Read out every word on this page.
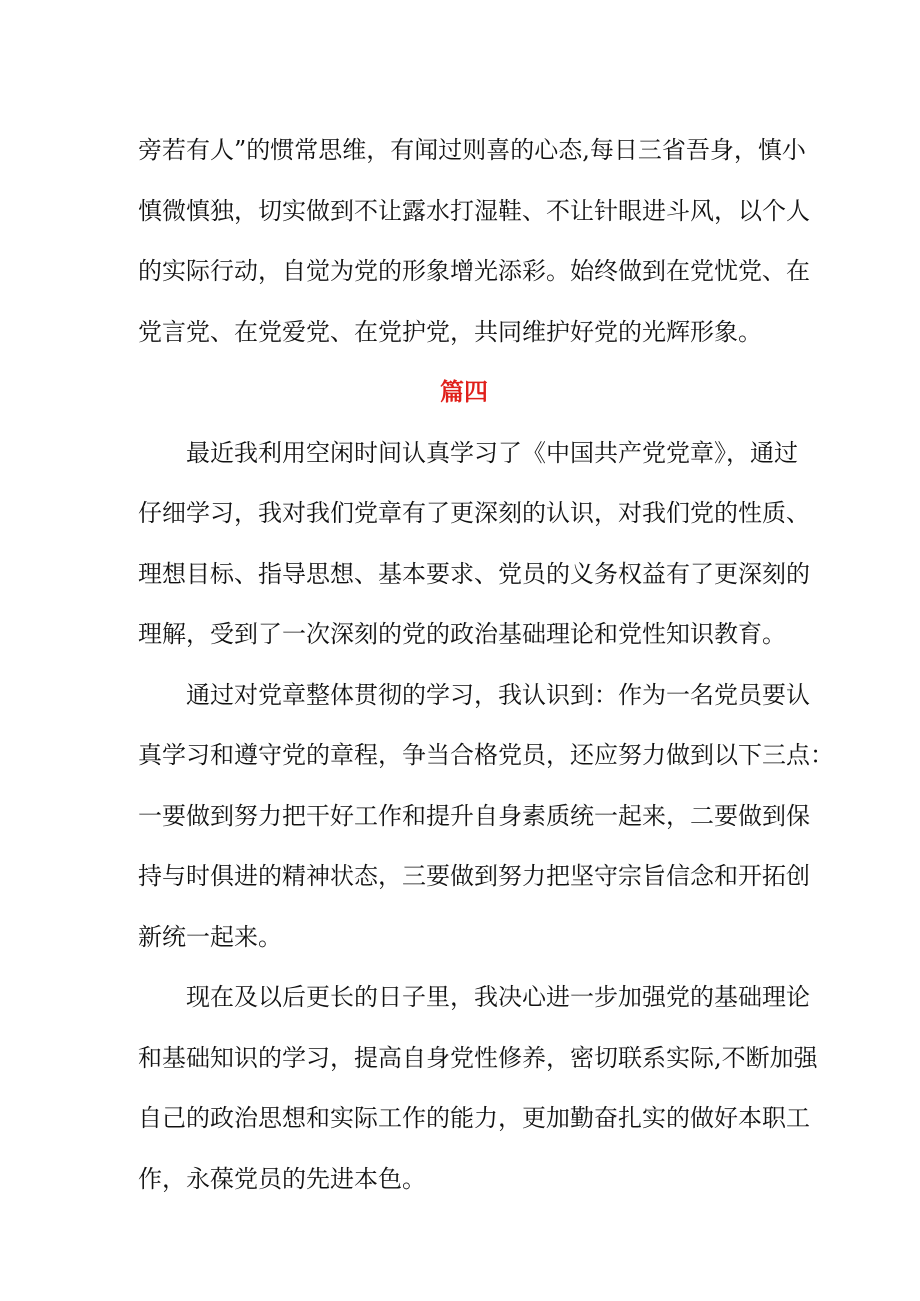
旁若有人”的惯常思维，有闻过则喜的心态,每日三省吾身，慎小
慎微慎独，切实做到不让露水打湿鞋、不让针眼进斗风，以个人
的实际行动，自觉为党的形象增光添彩。始终做到在党忧党、在
党言党、在党爱党、在党护党，共同维护好党的光辉形象。
篇四
最近我利用空闲时间认真学习了《中国共产党党章》，通过
仔细学习，我对我们党章有了更深刻的认识，对我们党的性质、
理想目标、指导思想、基本要求、党员的义务权益有了更深刻的
理解，受到了一次深刻的党的政治基础理论和党性知识教育。
通过对党章整体贯彻的学习，我认识到：作为一名党员要认
真学习和遵守党的章程，争当合格党员，还应努力做到以下三点：
一要做到努力把干好工作和提升自身素质统一起来，二要做到保
持与时俱进的精神状态，三要做到努力把坚守宗旨信念和开拓创
新统一起来。
现在及以后更长的日子里，我决心进一步加强党的基础理论
和基础知识的学习，提高自身党性修养，密切联系实际,不断加强
自己的政治思想和实际工作的能力，更加勤奋扎实的做好本职工
作，永葆党员的先进本色。
